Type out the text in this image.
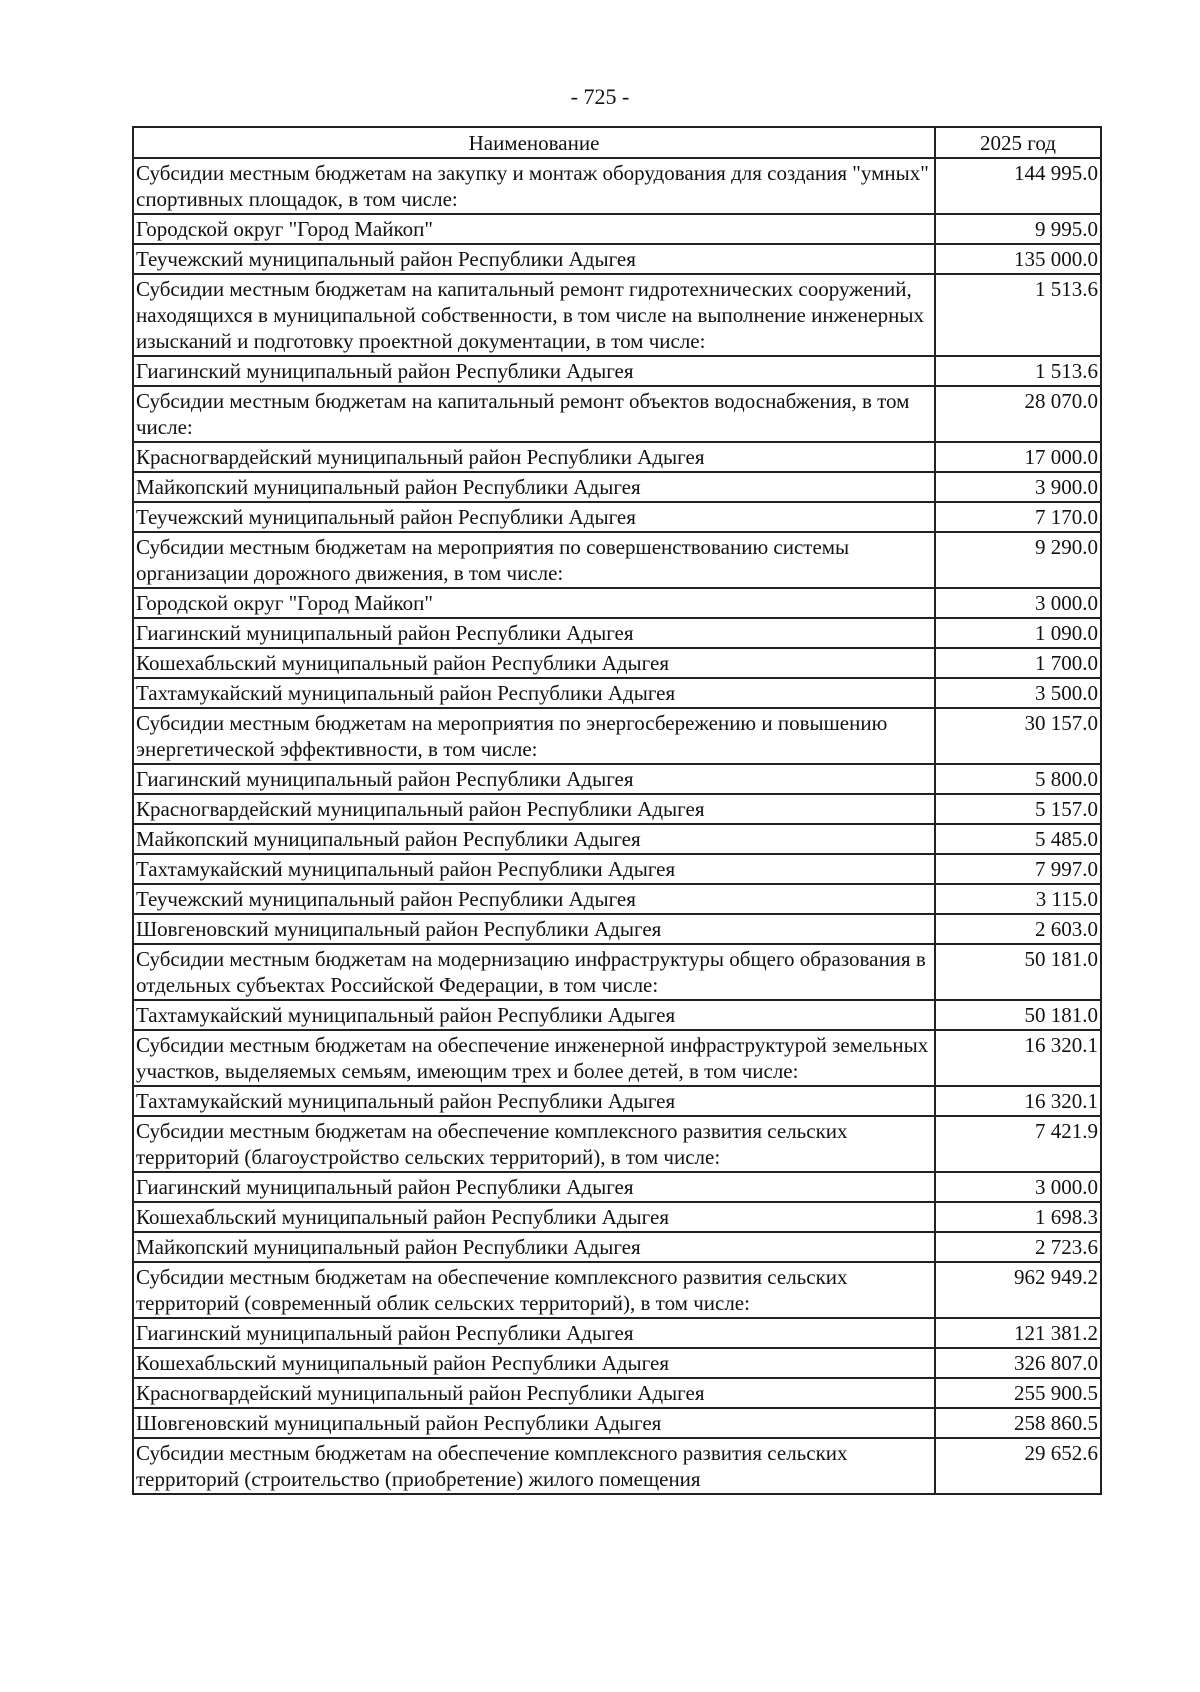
- 725 -
Наименование	2025 год
Субсидии местным бюджетам на закупку и монтаж оборудования для создания "умных" спортивных площадок, в том числе:	144 995.0
Городской округ "Город Майкоп"	9 995.0
Теучежский муниципальный район Республики Адыгея	135 000.0
Субсидии местным бюджетам на капитальный ремонт гидротехнических сооружений, находящихся в муниципальной собственности, в том числе на выполнение инженерных изысканий и подготовку проектной документации, в том числе:	1 513.6
Гиагинский муниципальный район Республики Адыгея	1 513.6
Субсидии местным бюджетам на капитальный ремонт объектов водоснабжения, в том числе:	28 070.0
Красногвардейский муниципальный район Республики Адыгея	17 000.0
Майкопский муниципальный район Республики Адыгея	3 900.0
Теучежский муниципальный район Республики Адыгея	7 170.0
Субсидии местным бюджетам на мероприятия по совершенствованию системы организации дорожного движения, в том числе:	9 290.0
Городской округ "Город Майкоп"	3 000.0
Гиагинский муниципальный район Республики Адыгея	1 090.0
Кошехабльский муниципальный район Республики Адыгея	1 700.0
Тахтамукайский муниципальный район Республики Адыгея	3 500.0
Субсидии местным бюджетам на мероприятия по энергосбережению и повышению энергетической эффективности, в том числе:	30 157.0
Гиагинский муниципальный район Республики Адыгея	5 800.0
Красногвардейский муниципальный район Республики Адыгея	5 157.0
Майкопский муниципальный район Республики Адыгея	5 485.0
Тахтамукайский муниципальный район Республики Адыгея	7 997.0
Теучежский муниципальный район Республики Адыгея	3 115.0
Шовгеновский муниципальный район Республики Адыгея	2 603.0
Субсидии местным бюджетам на модернизацию инфраструктуры общего образования в отдельных субъектах Российской Федерации, в том числе:	50 181.0
Тахтамукайский муниципальный район Республики Адыгея	50 181.0
Субсидии местным бюджетам на обеспечение инженерной инфраструктурой земельных участков, выделяемых семьям, имеющим трех и более детей, в том числе:	16 320.1
Тахтамукайский муниципальный район Республики Адыгея	16 320.1
Субсидии местным бюджетам на обеспечение комплексного развития сельских территорий (благоустройство сельских территорий), в том числе:	7 421.9
Гиагинский муниципальный район Республики Адыгея	3 000.0
Кошехабльский муниципальный район Республики Адыгея	1 698.3
Майкопский муниципальный район Республики Адыгея	2 723.6
Субсидии местным бюджетам на обеспечение комплексного развития сельских территорий (современный облик сельских территорий), в том числе:	962 949.2
Гиагинский муниципальный район Республики Адыгея	121 381.2
Кошехабльский муниципальный район Республики Адыгея	326 807.0
Красногвардейский муниципальный район Республики Адыгея	255 900.5
Шовгеновский муниципальный район Республики Адыгея	258 860.5
Субсидии местным бюджетам на обеспечение комплексного развития сельских территорий (строительство (приобретение) жилого помещения	29 652.6
